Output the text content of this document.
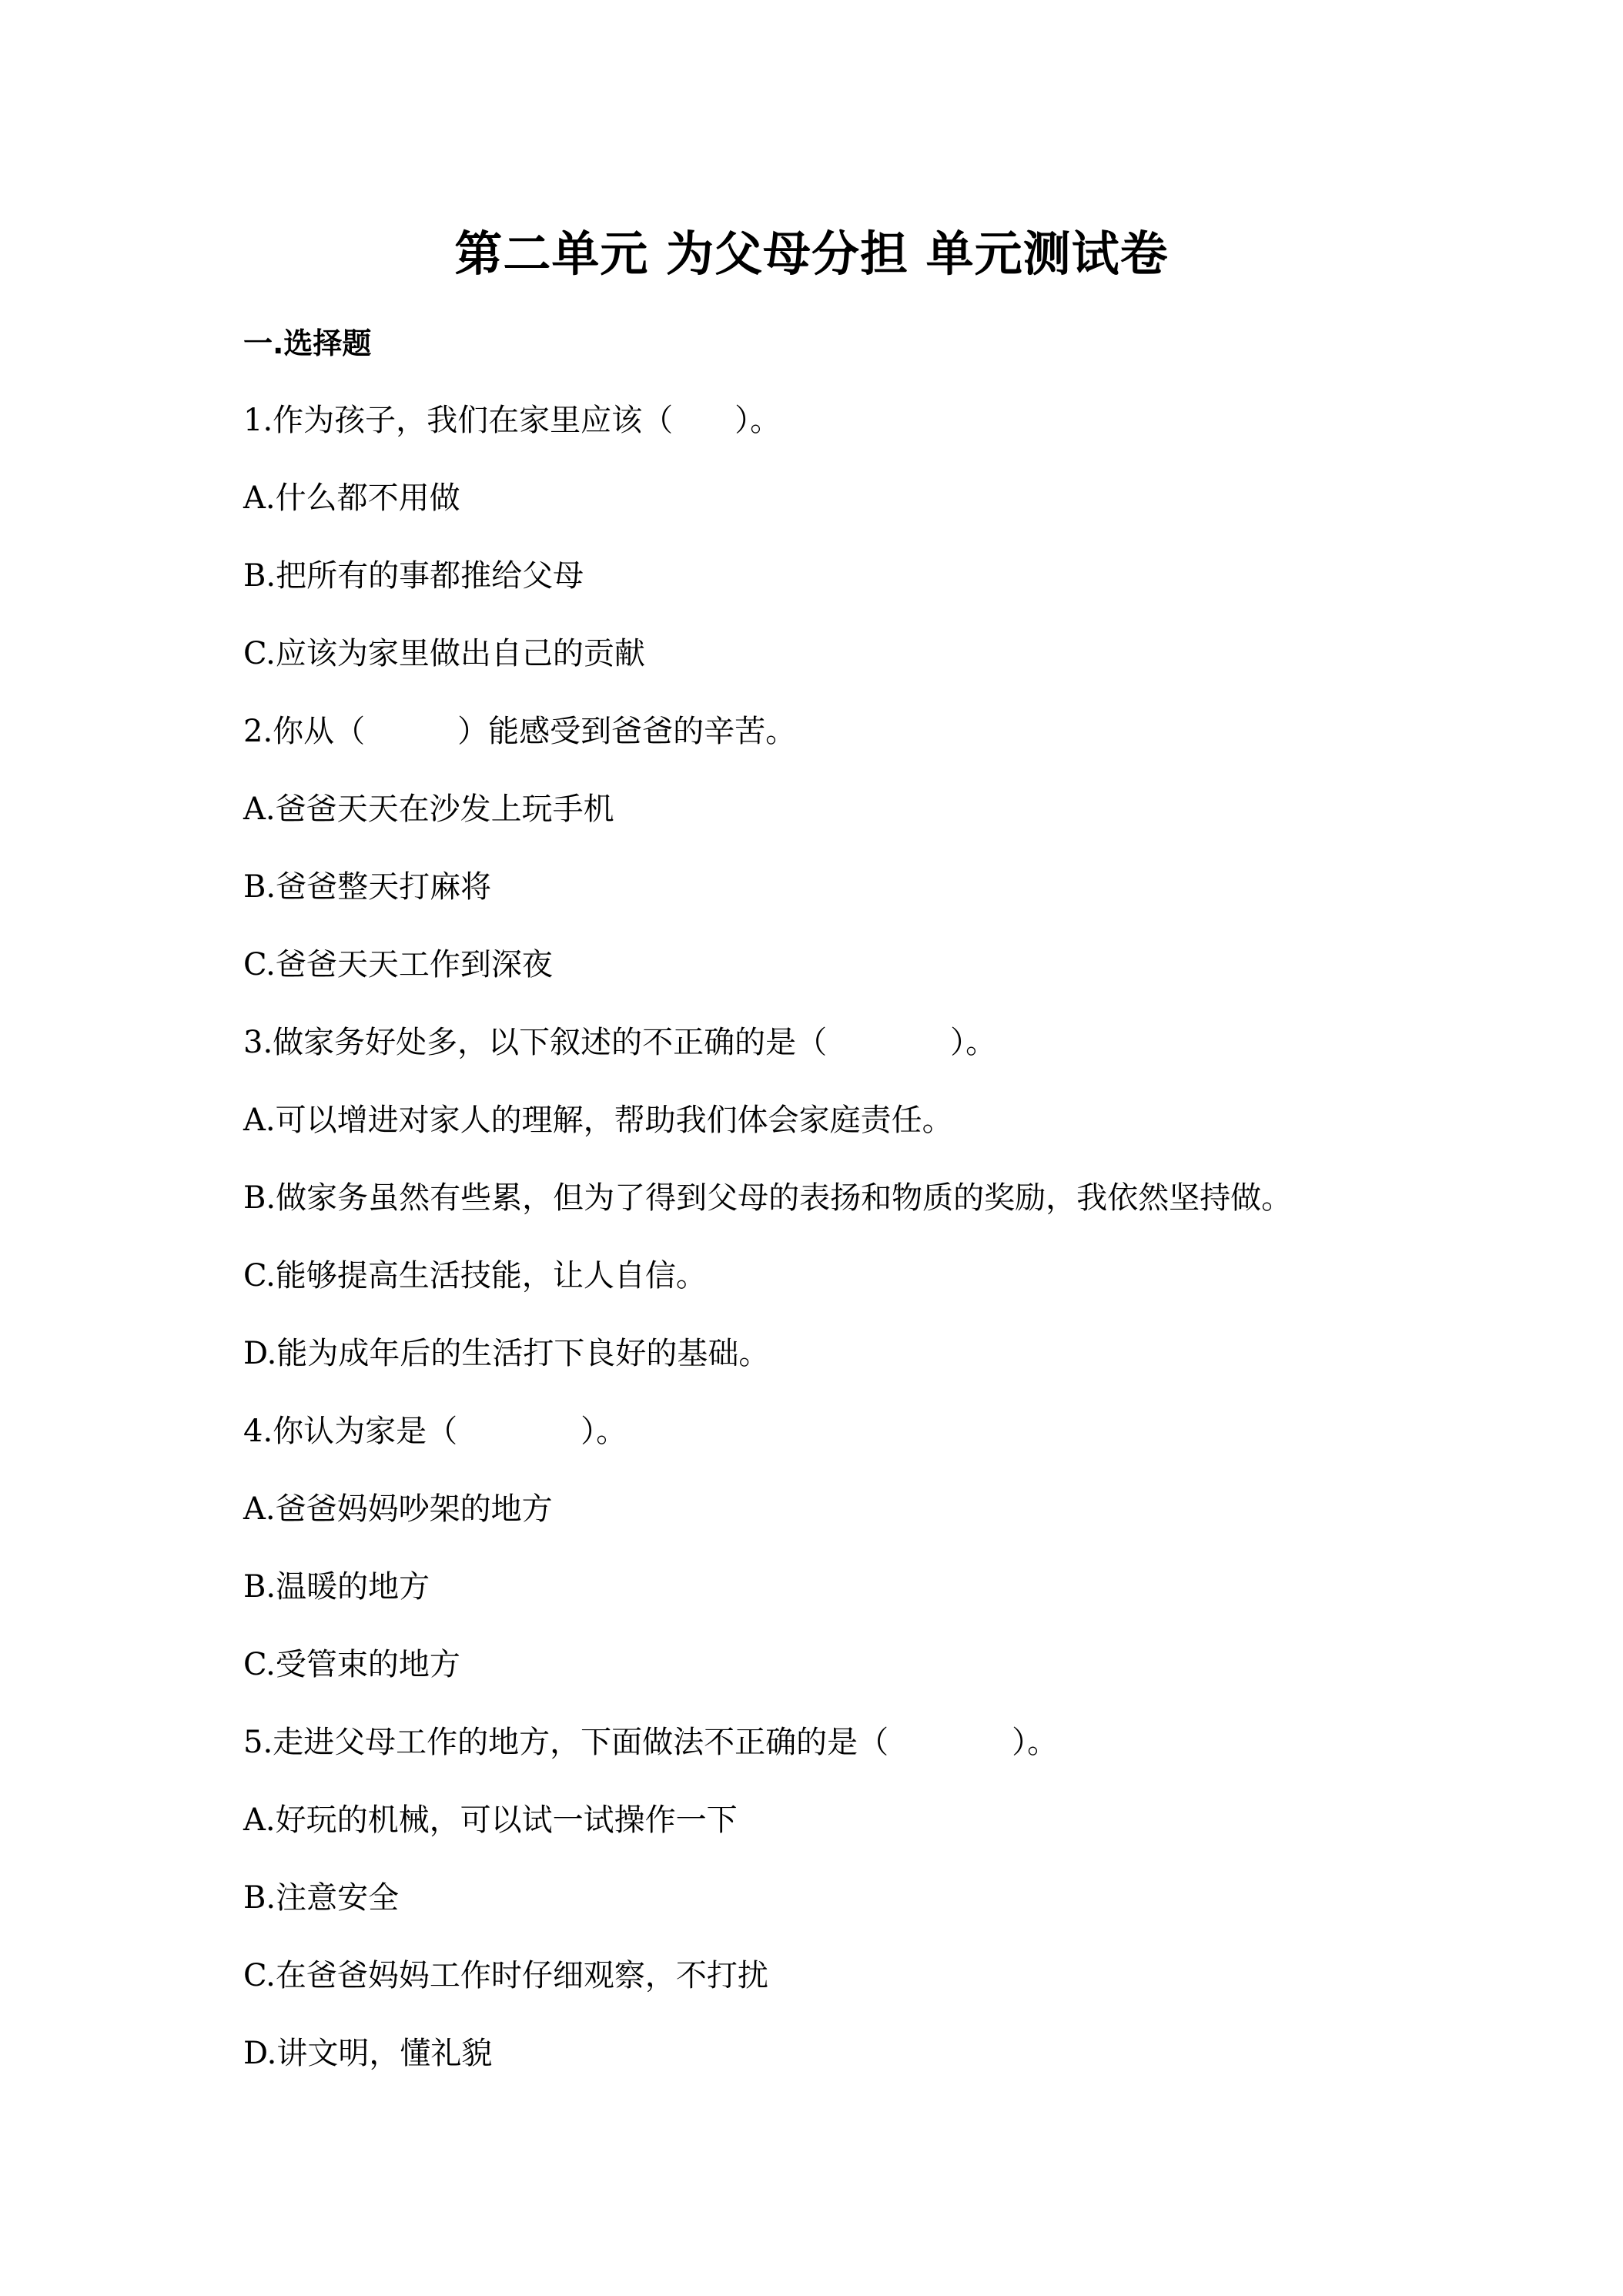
第二单元 为父母分担 单元测试卷
一.选择题
1.作为孩子，我们在家里应该（　　）。
A.什么都不用做
B.把所有的事都推给父母
C.应该为家里做出自己的贡献
2.你从（　　　）能感受到爸爸的辛苦。
A.爸爸天天在沙发上玩手机
B.爸爸整天打麻将
C.爸爸天天工作到深夜
3.做家务好处多，以下叙述的不正确的是（　　　　）。
A.可以增进对家人的理解，帮助我们体会家庭责任。
B.做家务虽然有些累，但为了得到父母的表扬和物质的奖励，我依然坚持做。
C.能够提高生活技能，让人自信。
D.能为成年后的生活打下良好的基础。
4.你认为家是（　　　　）。
A.爸爸妈妈吵架的地方
B.温暖的地方
C.受管束的地方
5.走进父母工作的地方，下面做法不正确的是（　　　　）。
A.好玩的机械，可以试一试操作一下
B.注意安全
C.在爸爸妈妈工作时仔细观察，不打扰
D.讲文明，懂礼貌
